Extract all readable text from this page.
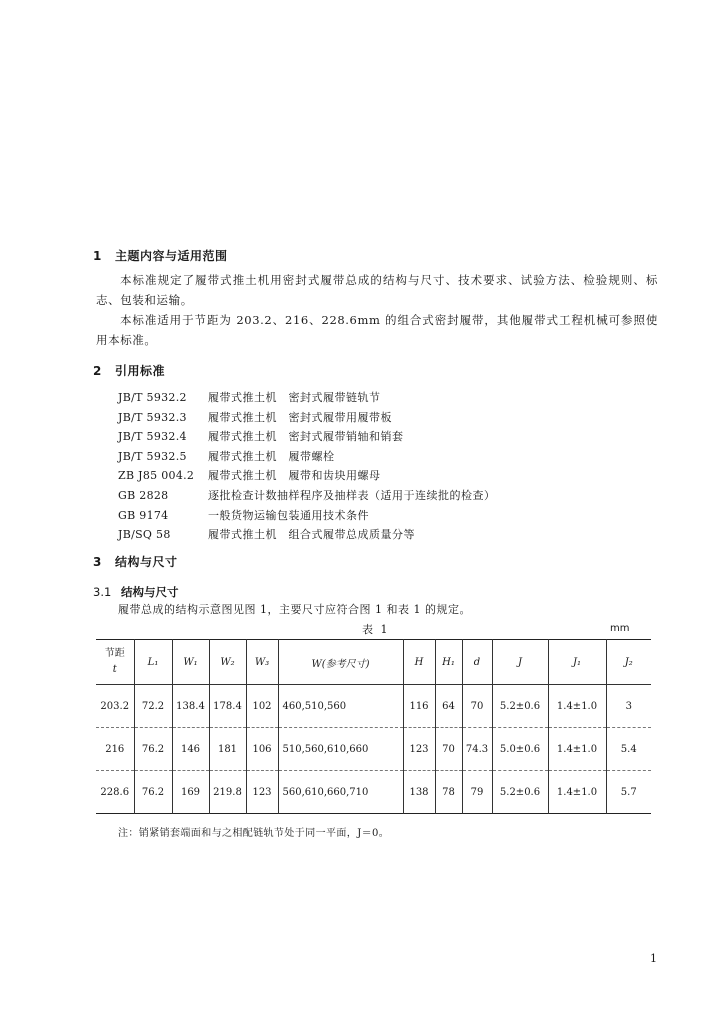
1 主题内容与适用范围
本标准规定了履带式推土机用密封式履带总成的结构与尺寸、技术要求、试验方法、检验规则、标志、包装和运输。
本标准适用于节距为 203.2、216、228.6mm 的组合式密封履带，其他履带式工程机械可参照使用本标准。
2 引用标准
JB/T 5932.2 履带式推土机　密封式履带链轨节
JB/T 5932.3 履带式推土机　密封式履带用履带板
JB/T 5932.4 履带式推土机　密封式履带销轴和销套
JB/T 5932.5 履带式推土机　履带螺栓
ZB J85 004.2 履带式推土机　履带和齿块用螺母
GB 2828	逐批检查计数抽样程序及抽样表（适用于连续批的检查）
GB 9174	一般货物运输包装通用技术条件
JB/SQ 58	履带式推土机　组合式履带总成质量分等
3 结构与尺寸
3.1 结构与尺寸
履带总成的结构示意图见图 1，主要尺寸应符合图 1 和表 1 的规定。
表 1	mm
节距
t	L₁	W₁	W₂	W₃	W(参考尺寸)	H	H₁	d	J	J₁	J₂
203.2	72.2	138.4	178.4	102	460,510,560	116	64	70	5.2±0.6	1.4±1.0	3
216	76.2	146	181	106	510,560,610,660	123	70	74.3	5.0±0.6	1.4±1.0	5.4
228.6	76.2	169	219.8	123	560,610,660,710	138	78	79	5.2±0.6	1.4±1.0	5.7
注：销紧销套端面和与之相配链轨节处于同一平面，J＝0。
1
